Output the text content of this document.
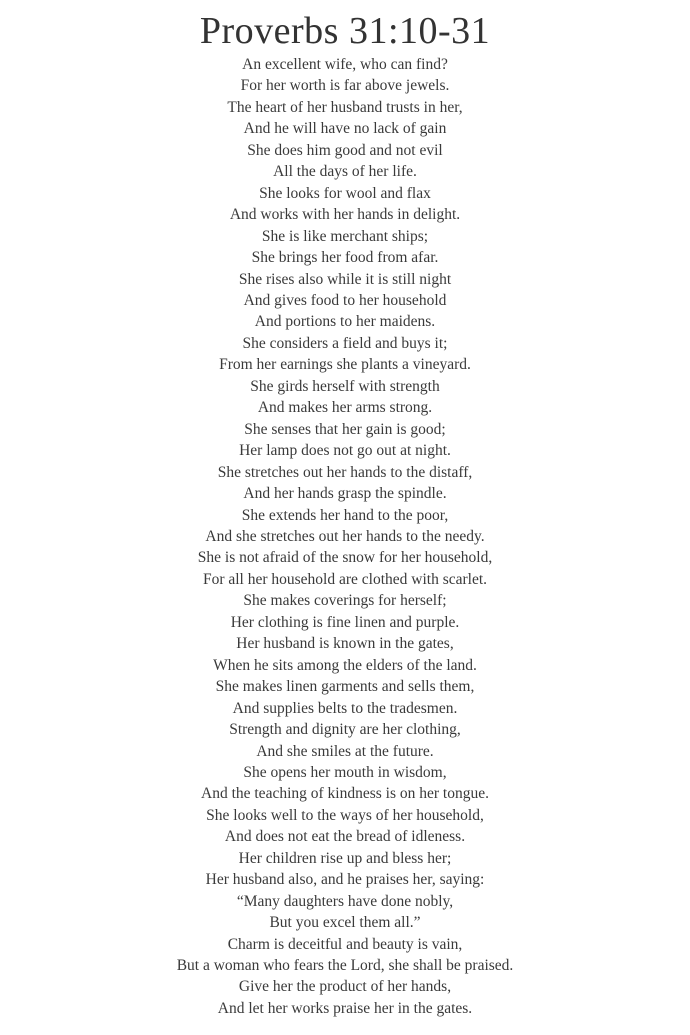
Proverbs 31:10-31
An excellent wife, who can find?
For her worth is far above jewels.
The heart of her husband trusts in her,
And he will have no lack of gain
She does him good and not evil
All the days of her life.
She looks for wool and flax
And works with her hands in delight.
She is like merchant ships;
She brings her food from afar.
She rises also while it is still night
And gives food to her household
And portions to her maidens.
She considers a field and buys it;
From her earnings she plants a vineyard.
She girds herself with strength
And makes her arms strong.
She senses that her gain is good;
Her lamp does not go out at night.
She stretches out her hands to the distaff,
And her hands grasp the spindle.
She extends her hand to the poor,
And she stretches out her hands to the needy.
She is not afraid of the snow for her household,
For all her household are clothed with scarlet.
She makes coverings for herself;
Her clothing is fine linen and purple.
Her husband is known in the gates,
When he sits among the elders of the land.
She makes linen garments and sells them,
And supplies belts to the tradesmen.
Strength and dignity are her clothing,
And she smiles at the future.
She opens her mouth in wisdom,
And the teaching of kindness is on her tongue.
She looks well to the ways of her household,
And does not eat the bread of idleness.
Her children rise up and bless her;
Her husband also, and he praises her, saying:
“Many daughters have done nobly,
But you excel them all.”
Charm is deceitful and beauty is vain,
But a woman who fears the Lord, she shall be praised.
Give her the product of her hands,
And let her works praise her in the gates.
